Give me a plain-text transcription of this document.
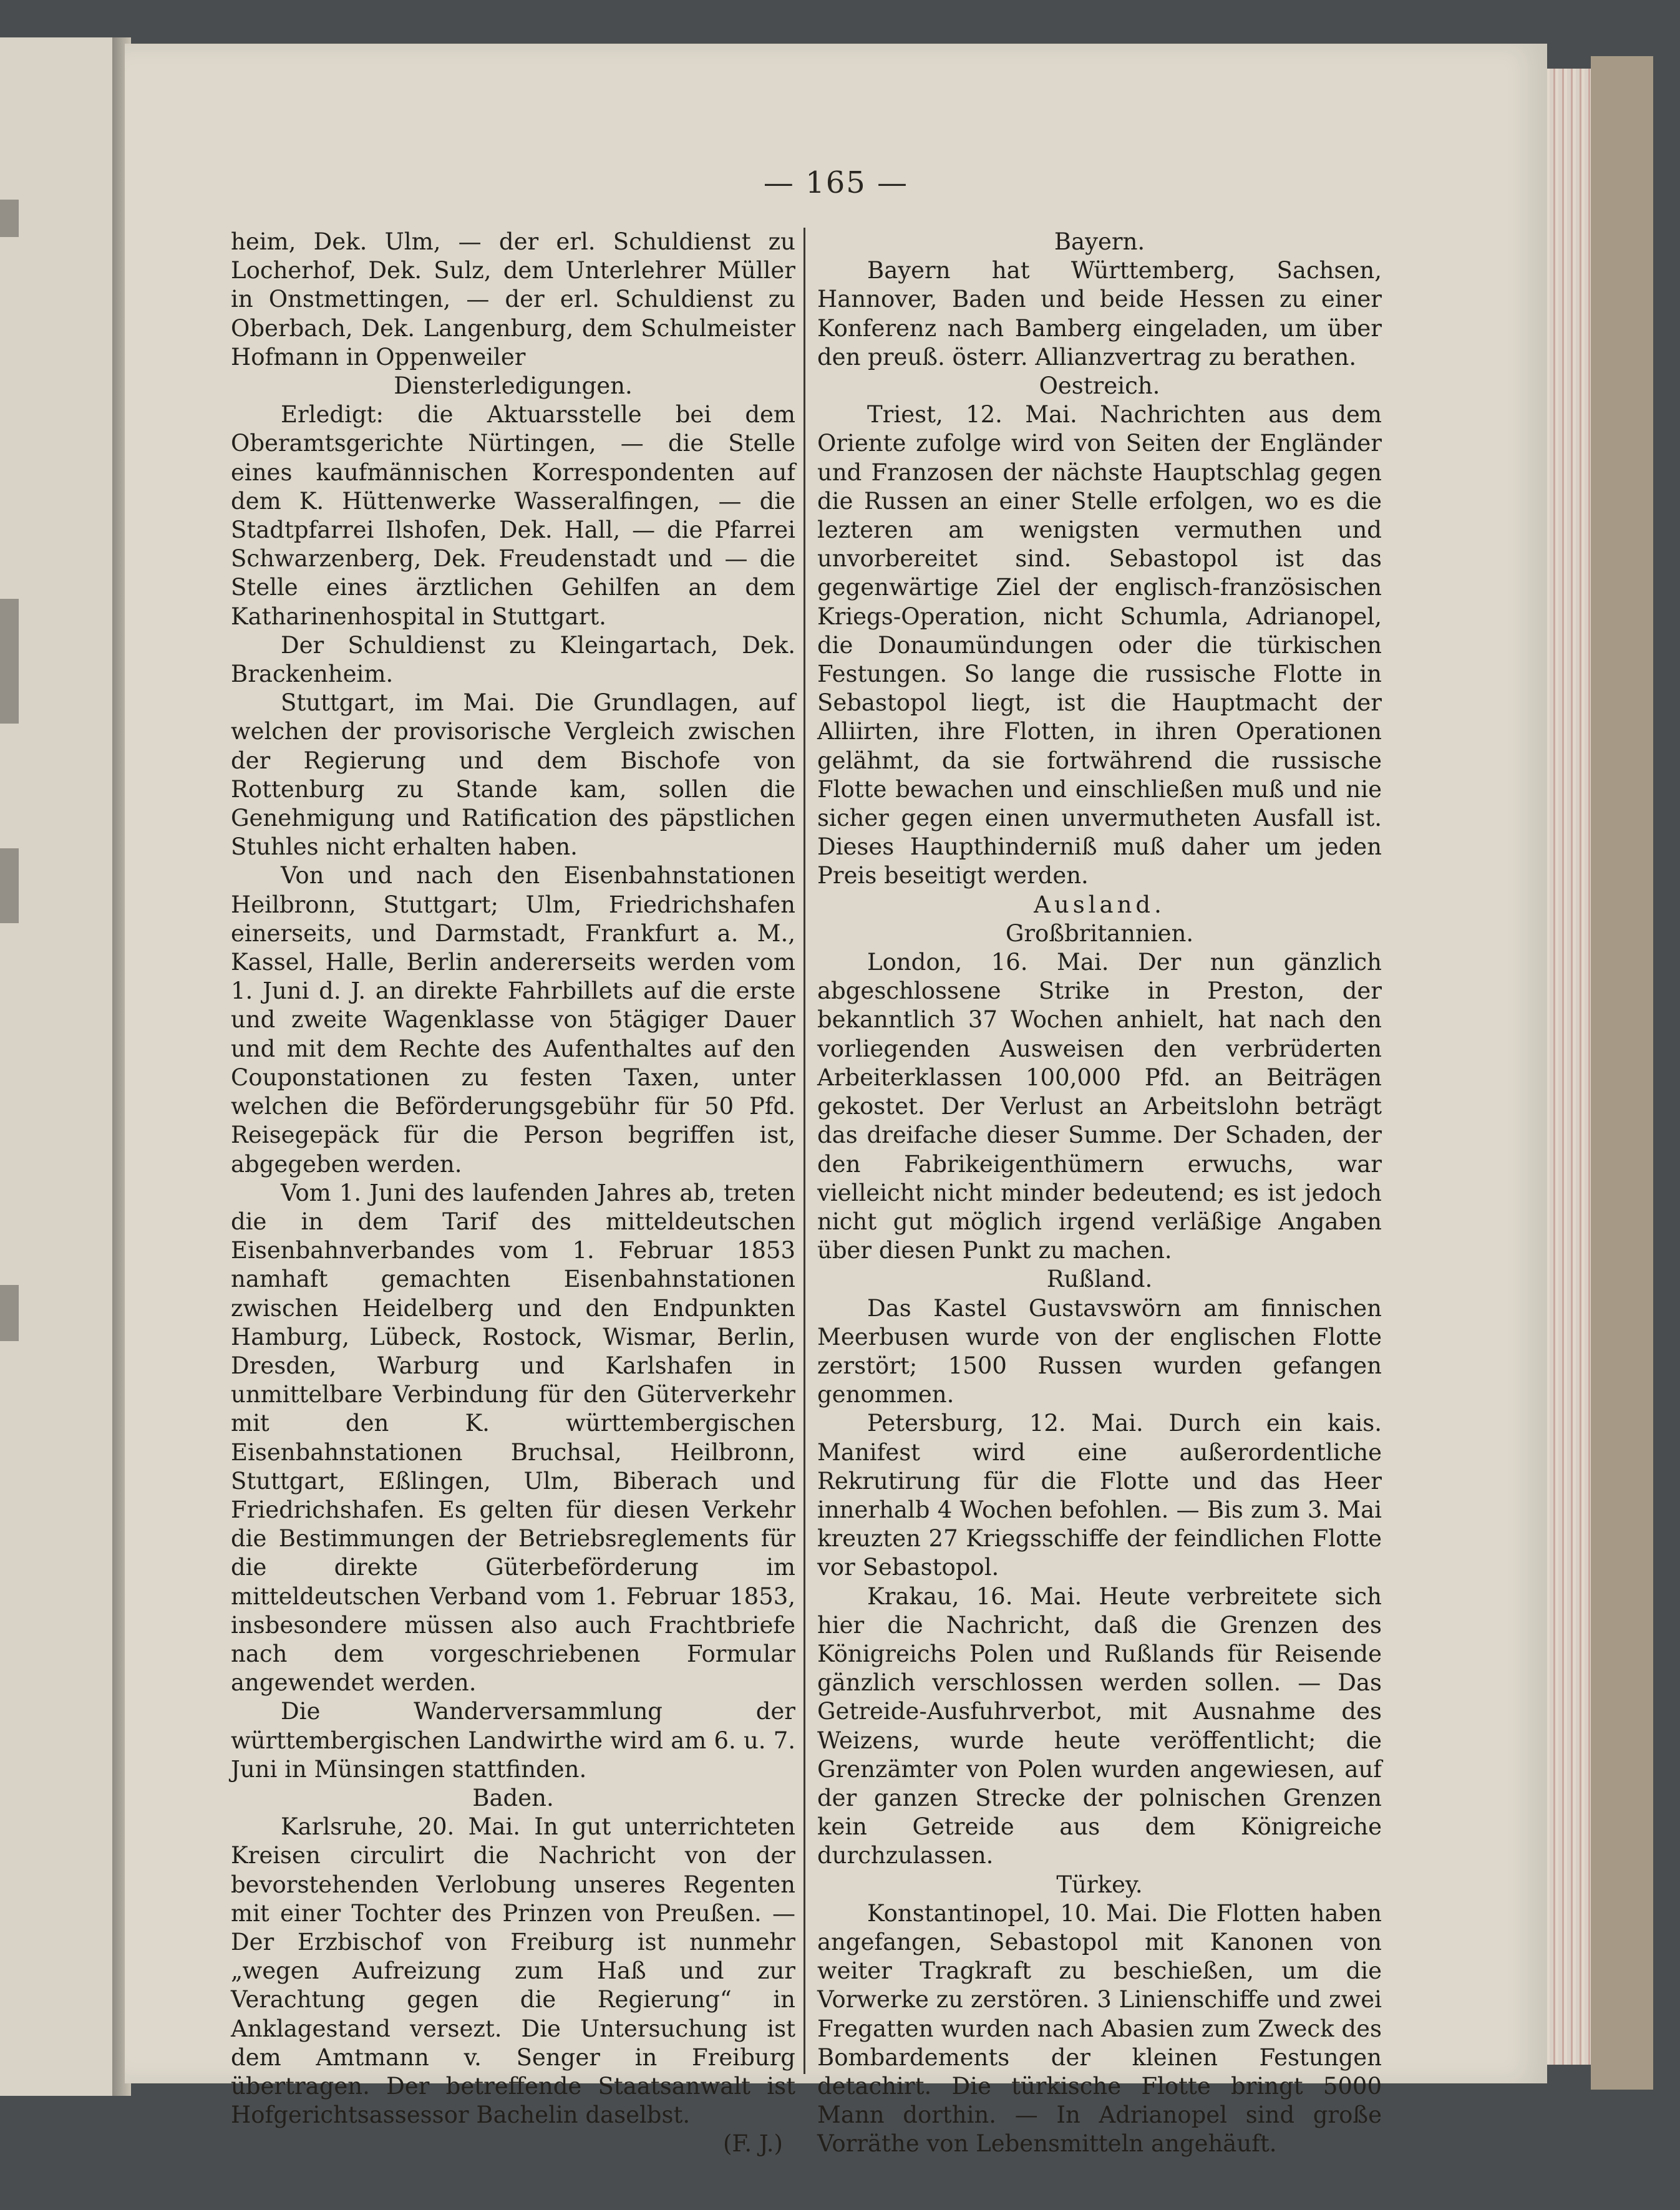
— 165 —

heim, Dek. Ulm, — der erl. Schuldienst zu Locherhof, Dek. Sulz, dem Unterlehrer Müller in Onstmettingen, — der erl. Schuldienst zu Oberbach, Dek. Langenburg, dem Schulmeister Hofmann in Oppenweiler

Diensterledigungen.

Erledigt: die Aktuarsstelle bei dem Oberamtsgerichte Nürtingen, — die Stelle eines kaufmännischen Korrespondenten auf dem K. Hüttenwerke Wasseralfingen, — die Stadtpfarrei Ilshofen, Dek. Hall, — die Pfarrei Schwarzenberg, Dek. Freudenstadt und — die Stelle eines ärztlichen Gehilfen an dem Katharinenhospital in Stuttgart.

Der Schuldienst zu Kleingartach, Dek. Brackenheim.

Stuttgart, im Mai. Die Grundlagen, auf welchen der provisorische Vergleich zwischen der Regierung und dem Bischofe von Rottenburg zu Stande kam, sollen die Genehmigung und Ratification des päpstlichen Stuhles nicht erhalten haben.

Von und nach den Eisenbahnstationen Heilbronn, Stuttgart; Ulm, Friedrichshafen einerseits, und Darmstadt, Frankfurt a. M., Kassel, Halle, Berlin andererseits werden vom 1. Juni d. J. an direkte Fahrbillets auf die erste und zweite Wagenklasse von 5tägiger Dauer und mit dem Rechte des Aufenthaltes auf den Couponstationen zu festen Taxen, unter welchen die Beförderungsgebühr für 50 Pfd. Reisegepäck für die Person begriffen ist, abgegeben werden.

Vom 1. Juni des laufenden Jahres ab, treten die in dem Tarif des mitteldeutschen Eisenbahnverbandes vom 1. Februar 1853 namhaft gemachten Eisenbahnstationen zwischen Heidelberg und den Endpunkten Hamburg, Lübeck, Rostock, Wismar, Berlin, Dresden, Warburg und Karlshafen in unmittelbare Verbindung für den Güterverkehr mit den K. württembergischen Eisenbahnstationen Bruchsal, Heilbronn, Stuttgart, Eßlingen, Ulm, Biberach und Friedrichshafen. Es gelten für diesen Verkehr die Bestimmungen der Betriebsreglements für die direkte Güterbeförderung im mitteldeutschen Verband vom 1. Februar 1853, insbesondere müssen also auch Frachtbriefe nach dem vorgeschriebenen Formular angewendet werden.

Die Wanderversammlung der württembergischen Landwirthe wird am 6. u. 7. Juni in Münsingen stattfinden.

Baden.

Karlsruhe, 20. Mai. In gut unterrichteten Kreisen circulirt die Nachricht von der bevorstehenden Verlobung unseres Regenten mit einer Tochter des Prinzen von Preußen. — Der Erzbischof von Freiburg ist nunmehr „wegen Aufreizung zum Haß und zur Verachtung gegen die Regierung“ in Anklagestand versezt. Die Untersuchung ist dem Amtmann v. Senger in Freiburg übertragen. Der betreffende Staatsanwalt ist Hofgerichtsassessor Bachelin daselbst.

(F. J.)

Bayern.

Bayern hat Württemberg, Sachsen, Hannover, Baden und beide Hessen zu einer Konferenz nach Bamberg eingeladen, um über den preuß. österr. Allianzvertrag zu berathen.

Oestreich.

Triest, 12. Mai. Nachrichten aus dem Oriente zufolge wird von Seiten der Engländer und Franzosen der nächste Hauptschlag gegen die Russen an einer Stelle erfolgen, wo es die lezteren am wenigsten vermuthen und unvorbereitet sind. Sebastopol ist das gegenwärtige Ziel der englisch-französischen Kriegs-Operation, nicht Schumla, Adrianopel, die Donaumündungen oder die türkischen Festungen. So lange die russische Flotte in Sebastopol liegt, ist die Hauptmacht der Alliirten, ihre Flotten, in ihren Operationen gelähmt, da sie fortwährend die russische Flotte bewachen und einschließen muß und nie sicher gegen einen unvermutheten Ausfall ist. Dieses Haupthinderniß muß daher um jeden Preis beseitigt werden.

Ausland.

Großbritannien.

London, 16. Mai. Der nun gänzlich abgeschlossene Strike in Preston, der bekanntlich 37 Wochen anhielt, hat nach den vorliegenden Ausweisen den verbrüderten Arbeiterklassen 100,000 Pfd. an Beiträgen gekostet. Der Verlust an Arbeitslohn beträgt das dreifache dieser Summe. Der Schaden, der den Fabrikeigenthümern erwuchs, war vielleicht nicht minder bedeutend; es ist jedoch nicht gut möglich irgend verläßige Angaben über diesen Punkt zu machen.

Rußland.

Das Kastel Gustavswörn am finnischen Meerbusen wurde von der englischen Flotte zerstört; 1500 Russen wurden gefangen genommen.

Petersburg, 12. Mai. Durch ein kais. Manifest wird eine außerordentliche Rekrutirung für die Flotte und das Heer innerhalb 4 Wochen befohlen. — Bis zum 3. Mai kreuzten 27 Kriegsschiffe der feindlichen Flotte vor Sebastopol.

Krakau, 16. Mai. Heute verbreitete sich hier die Nachricht, daß die Grenzen des Königreichs Polen und Rußlands für Reisende gänzlich verschlossen werden sollen. — Das Getreide-Ausfuhrverbot, mit Ausnahme des Weizens, wurde heute veröffentlicht; die Grenzämter von Polen wurden angewiesen, auf der ganzen Strecke der polnischen Grenzen kein Getreide aus dem Königreiche durchzulassen.

Türkey.

Konstantinopel, 10. Mai. Die Flotten haben angefangen, Sebastopol mit Kanonen von weiter Tragkraft zu beschießen, um die Vorwerke zu zerstören. 3 Linienschiffe und zwei Fregatten wurden nach Abasien zum Zweck des Bombardements der kleinen Festungen detachirt. Die türkische Flotte bringt 5000 Mann dorthin. — In Adrianopel sind große Vorräthe von Lebensmitteln angehäuft.
